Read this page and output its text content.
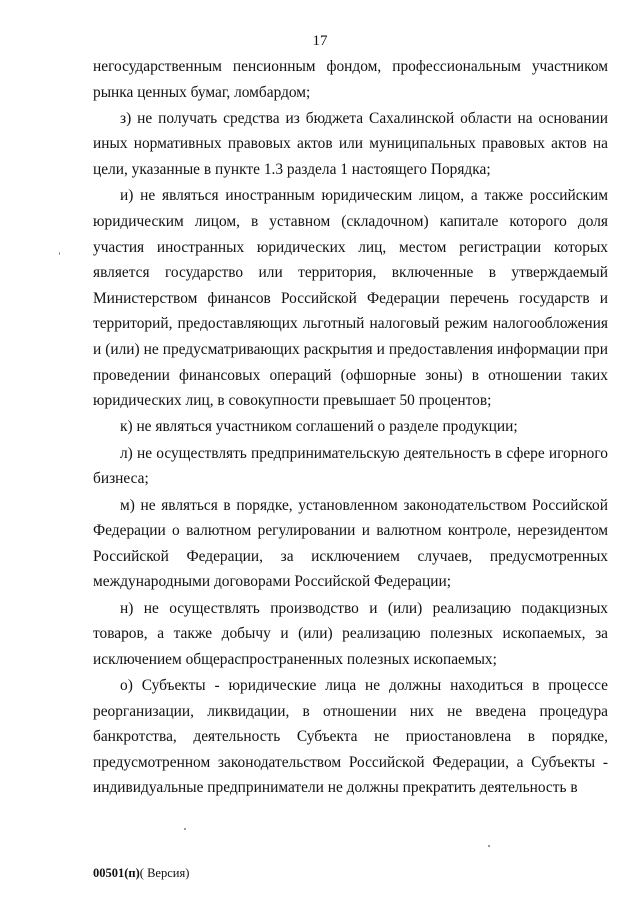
17

негосударственным пенсионным фондом, профессиональным участником рынка ценных бумаг, ломбардом;

з) не получать средства из бюджета Сахалинской области на основании иных нормативных правовых актов или муниципальных правовых актов на цели, указанные в пункте 1.3 раздела 1 настоящего Порядка;

и) не являться иностранным юридическим лицом, а также российским юридическим лицом, в уставном (складочном) капитале которого доля участия иностранных юридических лиц, местом регистрации которых является государство или территория, включенные в утверждаемый Министерством финансов Российской Федерации перечень государств и территорий, предоставляющих льготный налоговый режим налогообложения и (или) не предусматривающих раскрытия и предоставления информации при проведении финансовых операций (офшорные зоны) в отношении таких юридических лиц, в совокупности превышает 50 процентов;

к) не являться участником соглашений о разделе продукции;

л) не осуществлять предпринимательскую деятельность в сфере игорного бизнеса;

м) не являться в порядке, установленном законодательством Российской Федерации о валютном регулировании и валютном контроле, нерезидентом Российской Федерации, за исключением случаев, предусмотренных международными договорами Российской Федерации;

н) не осуществлять производство и (или) реализацию подакцизных товаров, а также добычу и (или) реализацию полезных ископаемых, за исключением общераспространенных полезных ископаемых;

о) Субъекты - юридические лица не должны находиться в процессе реорганизации, ликвидации, в отношении них не введена процедура банкротства, деятельность Субъекта не приостановлена в порядке, предусмотренном законодательством Российской Федерации, а Субъекты - индивидуальные предприниматели не должны прекратить деятельность в

00501(п)( Версия)
